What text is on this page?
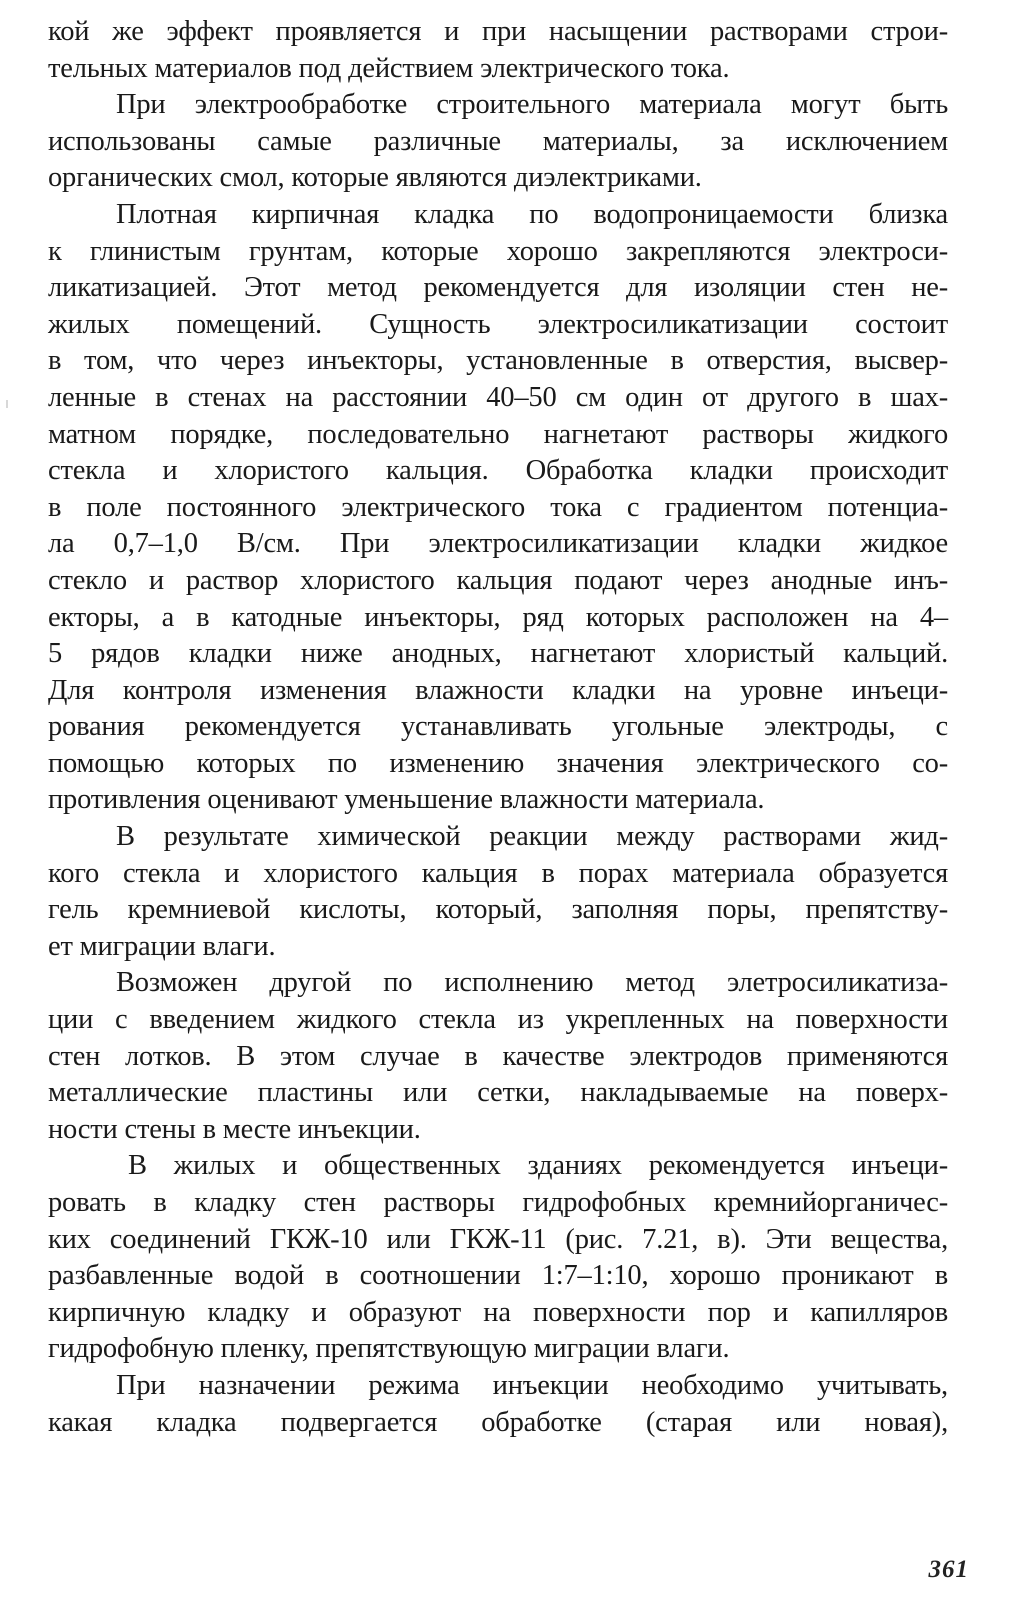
кой же эффект проявляется и при насыщении растворами строи-
тельных материалов под действием электрического тока.
При электрообработке строительного материала могут быть
использованы самые различные материалы, за исключением
органических смол, которые являются диэлектриками.
Плотная кирпичная кладка по водопроницаемости близка
к глинистым грунтам, которые хорошо закрепляются электроси-
ликатизацией. Этот метод рекомендуется для изоляции стен не-
жилых помещений. Сущность электросиликатизации состоит
в том, что через инъекторы, установленные в отверстия, высвер-
ленные в стенах на расстоянии 40–50 см один от другого в шах-
матном порядке, последовательно нагнетают растворы жидкого
стекла и хлористого кальция. Обработка кладки происходит
в поле постоянного электрического тока с градиентом потенциа-
ла 0,7–1,0 В/см. При электросиликатизации кладки жидкое
стекло и раствор хлористого кальция подают через анодные инъ-
екторы, а в катодные инъекторы, ряд которых расположен на 4–
5 рядов кладки ниже анодных, нагнетают хлористый кальций.
Для контроля изменения влажности кладки на уровне инъеци-
рования рекомендуется устанавливать угольные электроды, с
помощью которых по изменению значения электрического со-
противления оценивают уменьшение влажности материала.
В результате химической реакции между растворами жид-
кого стекла и хлористого кальция в порах материала образуется
гель кремниевой кислоты, который, заполняя поры, препятству-
ет миграции влаги.
Возможен другой по исполнению метод элетросиликатиза-
ции с введением жидкого стекла из укрепленных на поверхности
стен лотков. В этом случае в качестве электродов применяются
металлические пластины или сетки, накладываемые на поверх-
ности стены в месте инъекции.
В жилых и общественных зданиях рекомендуется инъеци-
ровать в кладку стен растворы гидрофобных кремнийорганичес-
ких соединений ГКЖ-10 или ГКЖ-11 (рис. 7.21, в). Эти вещества,
разбавленные водой в соотношении 1:7–1:10, хорошо проникают в
кирпичную кладку и образуют на поверхности пор и капилляров
гидрофобную пленку, препятствующую миграции влаги.
При назначении режима инъекции необходимо учитывать,
какая кладка подвергается обработке (старая или новая),
361
